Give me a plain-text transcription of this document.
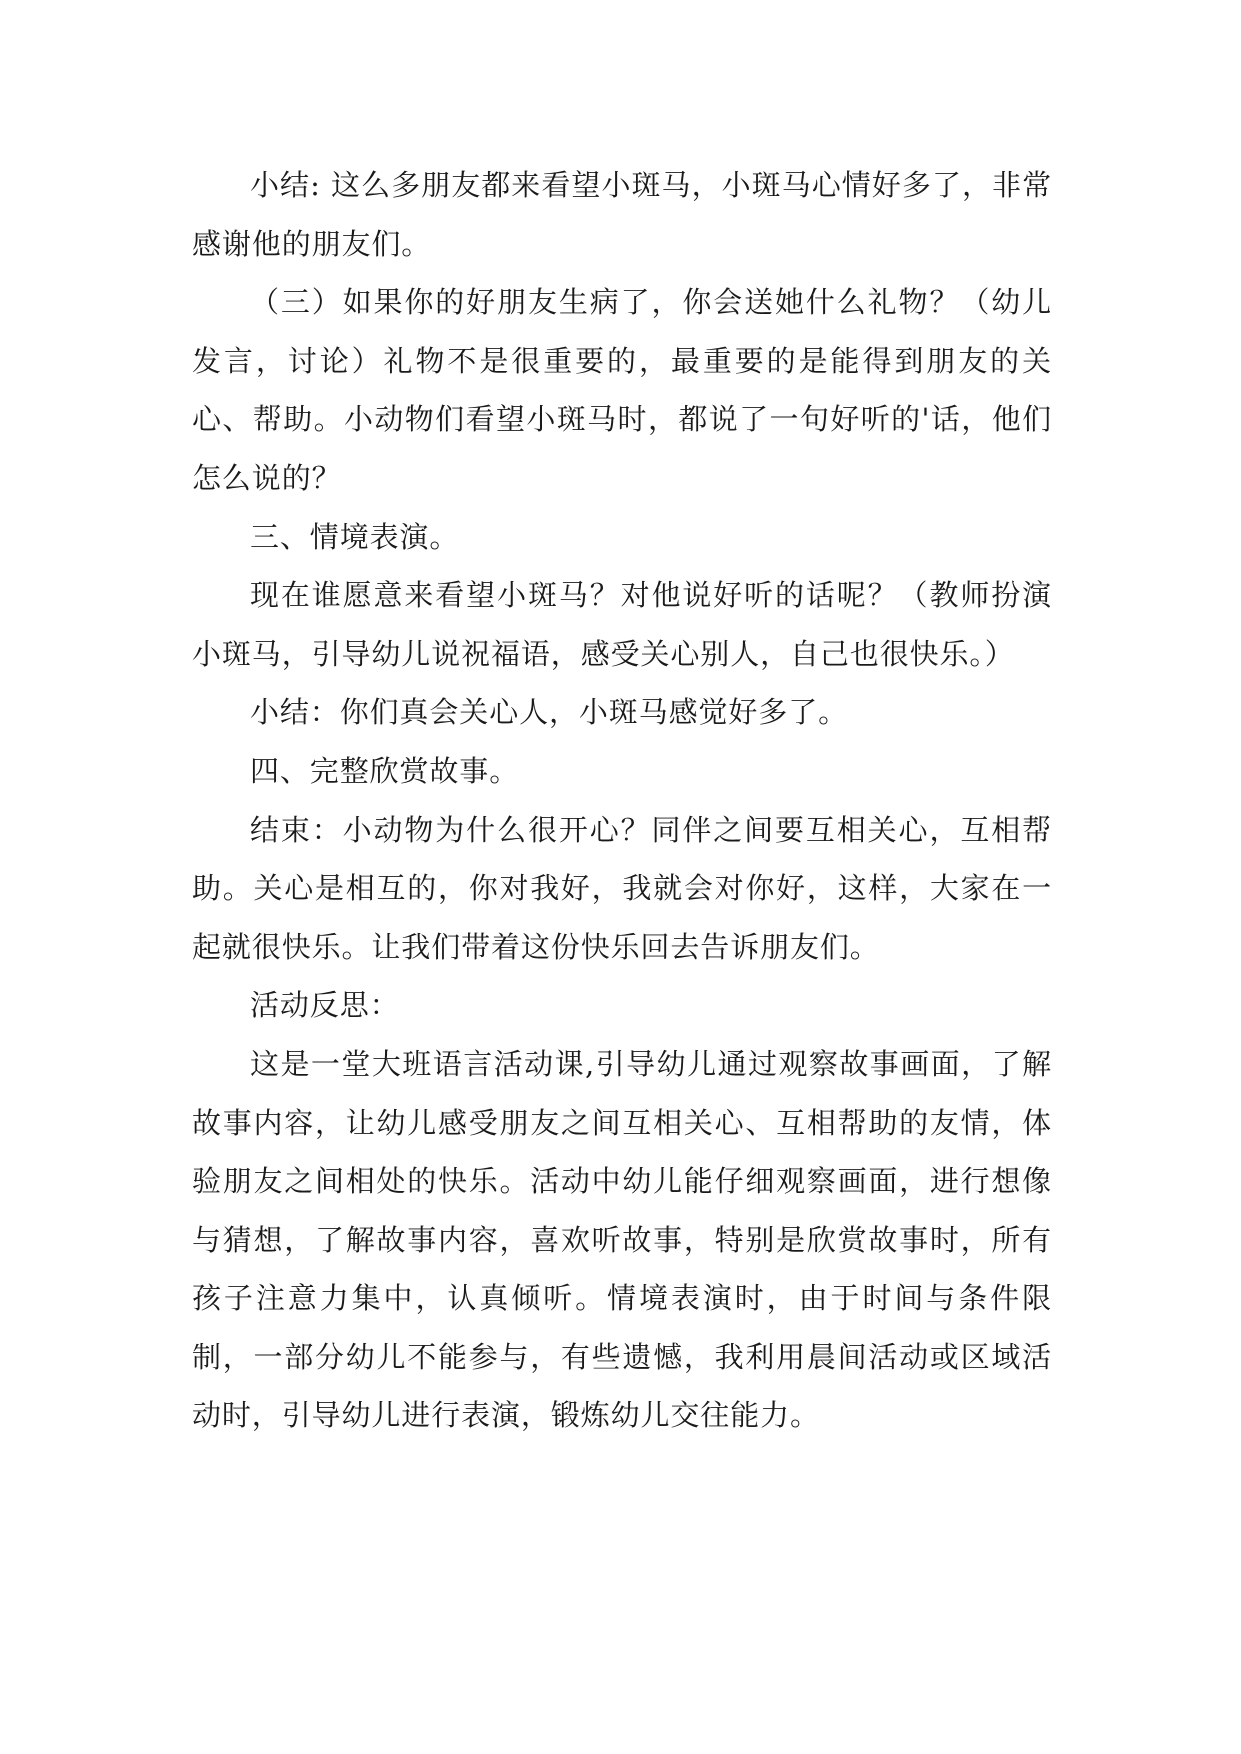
小结: 这么多朋友都来看望小斑马，小斑马心情好多了，非常感谢他的朋友们。

（三）如果你的好朋友生病了，你会送她什么礼物？（幼儿发言，讨论）礼物不是很重要的，最重要的是能得到朋友的关心、帮助。小动物们看望小斑马时，都说了一句好听的'话，他们怎么说的？

三、情境表演。

现在谁愿意来看望小斑马？对他说好听的话呢？（教师扮演小斑马，引导幼儿说祝福语，感受关心别人，自己也很快乐。）

小结：你们真会关心人，小斑马感觉好多了。

四、完整欣赏故事。

结束：小动物为什么很开心？同伴之间要互相关心，互相帮助。关心是相互的，你对我好，我就会对你好，这样，大家在一起就很快乐。让我们带着这份快乐回去告诉朋友们。

活动反思：

这是一堂大班语言活动课,引导幼儿通过观察故事画面，了解故事内容，让幼儿感受朋友之间互相关心、互相帮助的友情，体验朋友之间相处的快乐。活动中幼儿能仔细观察画面，进行想像与猜想，了解故事内容，喜欢听故事，特别是欣赏故事时，所有孩子注意力集中，认真倾听。情境表演时，由于时间与条件限制，一部分幼儿不能参与，有些遗憾，我利用晨间活动或区域活动时，引导幼儿进行表演，锻炼幼儿交往能力。
